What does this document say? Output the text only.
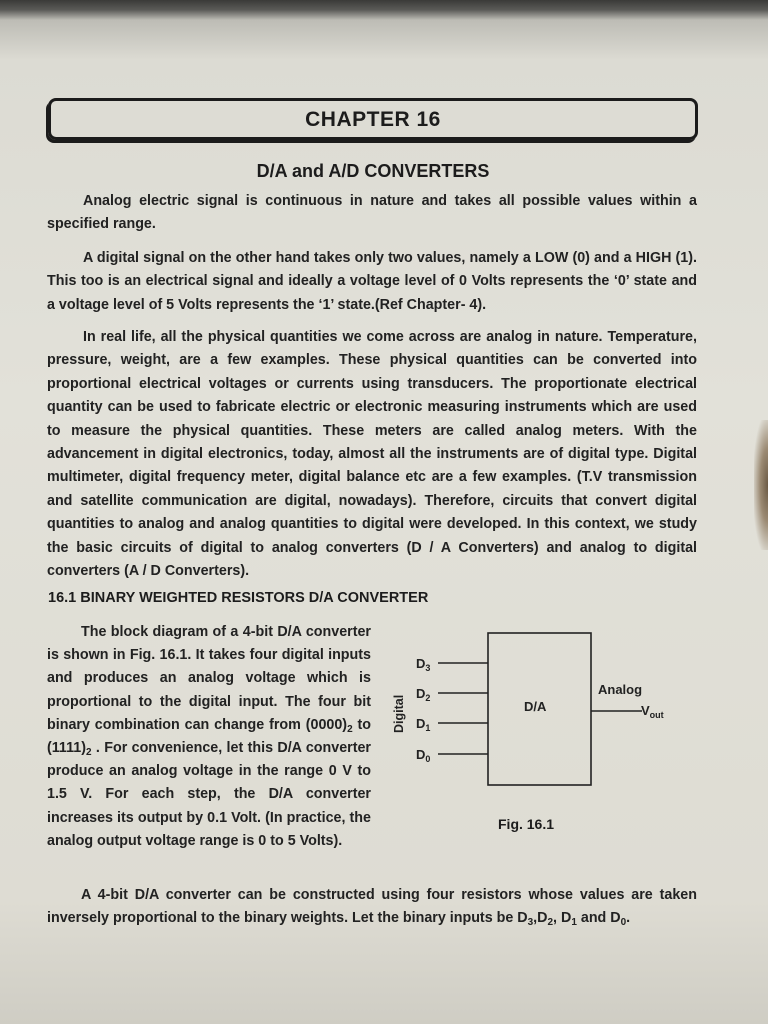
CHAPTER 16
D/A and A/D CONVERTERS

Analog electric signal is continuous in nature and takes all possible values within a specified range.

A digital signal on the other hand takes only two values, namely a LOW (0) and a HIGH (1). This too is an electrical signal and ideally a voltage level of 0 Volts represents the ‘0’ state and a voltage level of 5 Volts represents the ‘1’ state.(Ref Chapter- 4).

In real life, all the physical quantities we come across are analog in nature. Temperature, pressure, weight, are a few examples. These physical quantities can be converted into proportional electrical voltages or currents using transducers. The proportionate electrical quantity can be used to fabricate electric or electronic measuring instruments which are used to measure the physical quantities. These meters are called analog meters. With the advancement in digital electronics, today, almost all the instruments are of digital type. Digital multimeter, digital frequency meter, digital balance etc are a few examples. (T.V transmission and satellite communication are digital, nowadays). Therefore, circuits that convert digital quantities to analog and analog quantities to digital were developed. In this context, we study the basic circuits of digital to analog converters (D / A Converters) and analog to digital converters (A / D Converters).

16.1 BINARY WEIGHTED RESISTORS D/A CONVERTER

The block diagram of a 4-bit D/A converter is shown in Fig. 16.1. It takes four digital inputs and produces an analog voltage which is proportional to the digital input. The four bit binary combination can change from $(0000)_2$ to $(1111)_2$ . For convenience, let this D/A converter produce an analog voltage in the range 0 V to 1.5 V. For each step, the D/A converter increases its output by 0.1 Volt. (In practice, the analog output voltage range is 0 to 5 Volts).

$D_3$
$D_2$
$D_1$
$D_0$
Digital	D/A
Analog
$V_{out}$
Fig. 16.1

A 4-bit D/A converter can be constructed using four resistors whose values are taken inversely proportional to the binary weights. Let the binary inputs be $D_3,D_2$, $D_1$ and $D_0$.
